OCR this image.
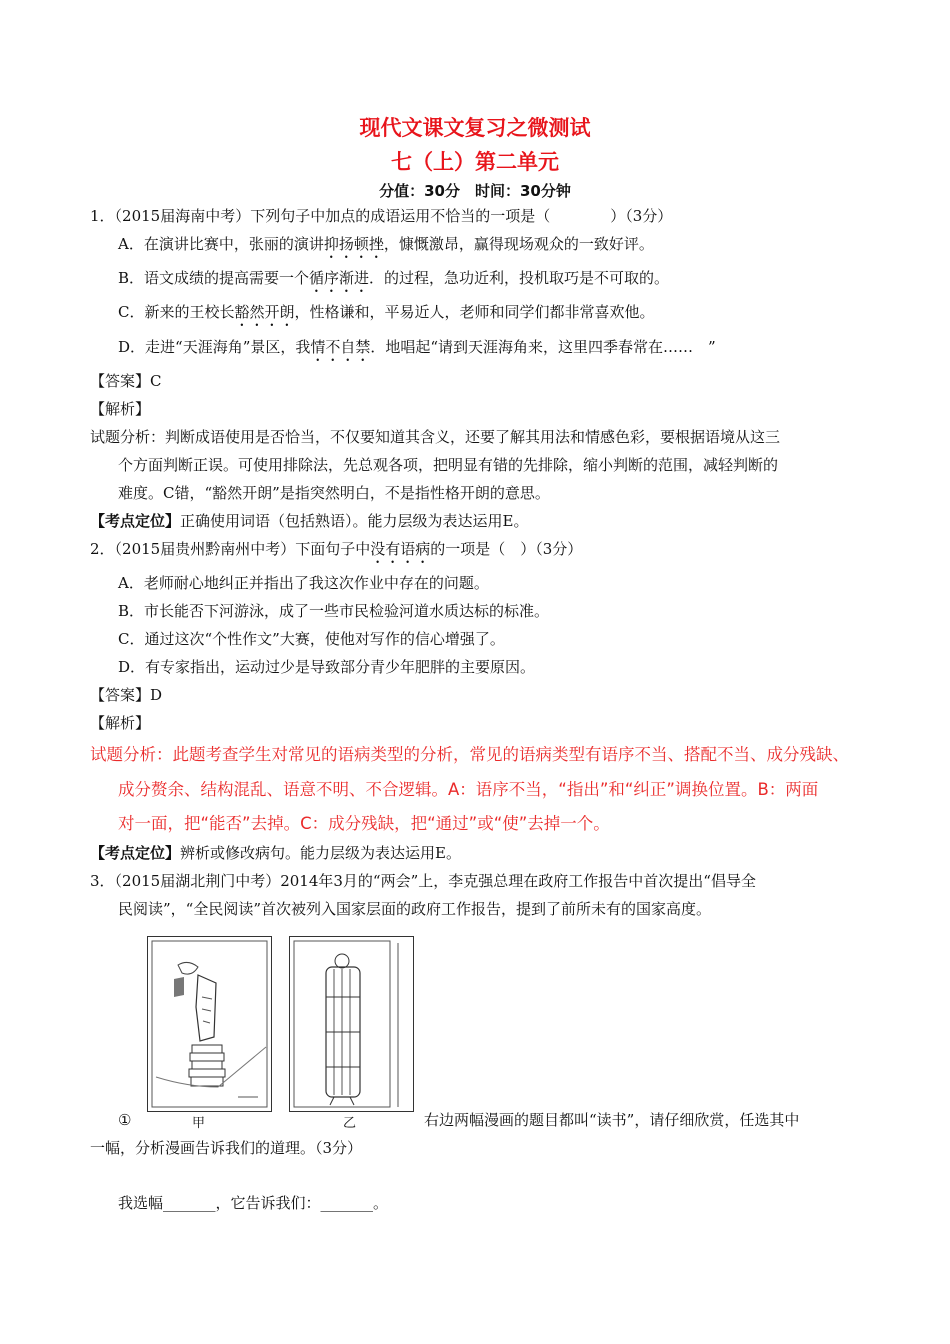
现代文课文复习之微测试
七（上）第二单元
分值：30分　时间：30分钟
1．（2015届海南中考）下列句子中加点的成语运用不恰当的一项是（　　　　）（3分）
A．在演讲比赛中，张丽的演讲抑扬顿挫，慷慨激昂，赢得现场观众的一致好评。
B．语文成绩的提高需要一个循序渐进．的过程，急功近利，投机取巧是不可取的。
C．新来的王校长豁然开朗，性格谦和，平易近人，老师和同学们都非常喜欢他。
D．走进“天涯海角”景区，我情不自禁．地唱起“请到天涯海角来，这里四季春常在……　”
【答案】C
【解析】
试题分析：判断成语使用是否恰当，不仅要知道其含义，还要了解其用法和情感色彩，要根据语境从这三
个方面判断正误。可使用排除法，先总观各项，把明显有错的先排除，缩小判断的范围，减轻判断的
难度。C错，“豁然开朗”是指突然明白，不是指性格开朗的意思。
【考点定位】正确使用词语（包括熟语）。能力层级为表达运用E。
2．（2015届贵州黔南州中考）下面句子中没有语病的一项是（　）（3分）
A．老师耐心地纠正并指出了我这次作业中存在的问题。
B．市长能否下河游泳，成了一些市民检验河道水质达标的标准。
C．通过这次“个性作文”大赛，使他对写作的信心增强了。
D．有专家指出，运动过少是导致部分青少年肥胖的主要原因。
【答案】D
【解析】
试题分析：此题考查学生对常见的语病类型的分析，常见的语病类型有语序不当、搭配不当、成分残缺、
成分赘余、结构混乱、语意不明、不合逻辑。A：语序不当，“指出”和“纠正”调换位置。B：两面
对一面，把“能否”去掉。C：成分残缺，把“通过”或“使”去掉一个。
【考点定位】辨析或修改病句。能力层级为表达运用E。
3．（2015届湖北荆门中考）2014年3月的“两会”上，李克强总理在政府工作报告中首次提出“倡导全
民阅读”，“全民阅读”首次被列入国家层面的政府工作报告，提到了前所未有的国家高度。
甲	乙
①	右边两幅漫画的题目都叫“读书”，请仔细欣赏，任选其中
一幅，分析漫画告诉我们的道理。（3分）
我选幅_______，它告诉我们：_______。
